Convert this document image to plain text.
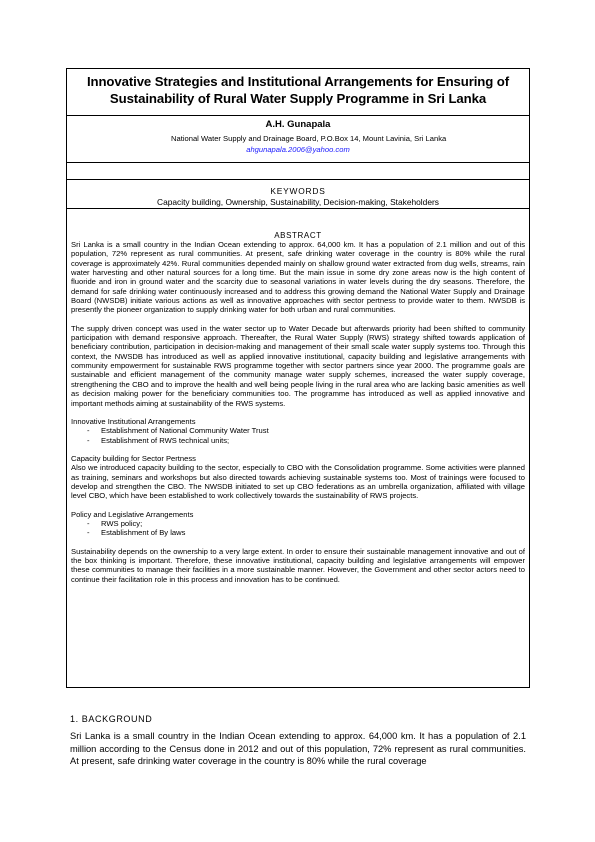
Innovative Strategies and Institutional Arrangements for Ensuring of Sustainability of Rural Water Supply Programme in Sri Lanka
A.H. Gunapala
National Water Supply and Drainage Board, P.O.Box 14, Mount Lavinia, Sri Lanka
ahgunapala.2006@yahoo.com
KEYWORDS
Capacity building, Ownership, Sustainability, Decision-making, Stakeholders
ABSTRACT

Sri Lanka is a small country in the Indian Ocean extending to approx. 64,000 km. It has a population of 2.1 million and out of this population, 72% represent as rural communities. At present, safe drinking water coverage in the country is 80% while the rural coverage is approximately 42%. Rural communities depended mainly on shallow ground water extracted from dug wells, streams, rain water harvesting and other natural sources for a long time. But the main issue in some dry zone areas now is the high content of fluoride and iron in ground water and the scarcity due to seasonal variations in water levels during the dry seasons. Therefore, the demand for safe drinking water continuously increased and to address this growing demand the National Water Supply and Drainage Board (NWSDB) initiate various actions as well as innovative approaches with sector pertness to provide water to them. NWSDB is presently the pioneer organization to supply drinking water for both urban and rural communities.

The supply driven concept was used in the water sector up to Water Decade but afterwards priority had been shifted to community participation with demand responsive approach. Thereafter, the Rural Water Supply (RWS) strategy shifted towards application of beneficiary contribution, participation in decision-making and management of their small scale water supply systems too. Through this context, the NWSDB has introduced as well as applied innovative institutional, capacity building and legislative arrangements with community empowerment for sustainable RWS programme together with sector partners since year 2000. The programme goals are sustainable and efficient management of the community manage water supply schemes, increased the water supply coverage, strengthening the CBO and to improve the health and well being people living in the rural area who are lacking basic amenities as well as decision making power for the beneficiary communities too. The programme has introduced as well as applied innovative and important methods aiming at sustainability of the RWS systems.

Innovative Institutional Arrangements

- Establishment of National Community Water Trust
- Establishment of RWS technical units;

Capacity building for Sector Pertness

Also we introduced capacity building to the sector, especially to CBO with the Consolidation programme. Some activities were planned as training, seminars and workshops but also directed towards achieving sustainable systems too. Most of trainings were focused to develop and strengthen the CBO. The NWSDB initiated to set up CBO federations as an umbrella organization, affiliated with village level CBO, which have been established to work collectively towards the sustainability of RWS projects.

Policy and Legislative Arrangements

- RWS policy;
- Establishment of By laws

Sustainability depends on the ownership to a very large extent. In order to ensure their sustainable management innovative and out of the box thinking is important. Therefore, these innovative institutional, capacity building and legislative arrangements will empower these communities to manage their facilities in a more sustainable manner. However, the Government and other sector actors need to continue their facilitation role in this process and innovation has to be continued.

1. BACKGROUND

Sri Lanka is a small country in the Indian Ocean extending to approx. 64,000 km. It has a population of 2.1 million according to the Census done in 2012 and out of this population, 72% represent as rural communities. At present, safe drinking water coverage in the country is 80% while the rural coverage
